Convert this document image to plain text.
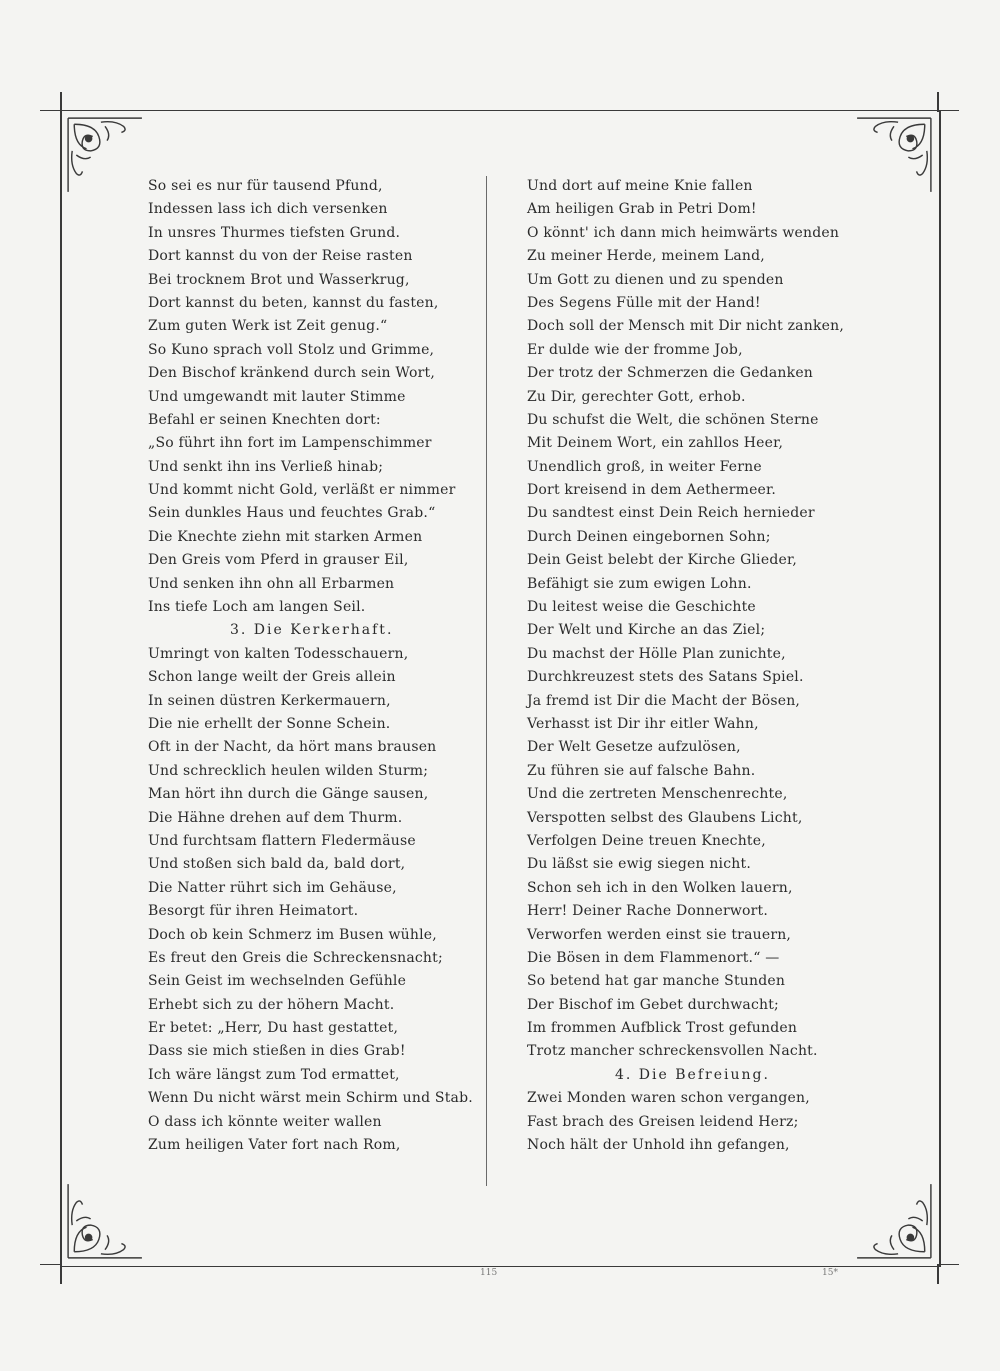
So sei es nur für tausend Pfund,
Indessen lass ich dich versenken
In unsres Thurmes tiefsten Grund.
Dort kannst du von der Reise rasten
Bei trocknem Brot und Wasserkrug,
Dort kannst du beten, kannst du fasten,
Zum guten Werk ist Zeit genug.“
So Kuno sprach voll Stolz und Grimme,
Den Bischof kränkend durch sein Wort,
Und umgewandt mit lauter Stimme
Befahl er seinen Knechten dort:
„So führt ihn fort im Lampenschimmer
Und senkt ihn ins Verließ hinab;
Und kommt nicht Gold, verläßt er nimmer
Sein dunkles Haus und feuchtes Grab.“
Die Knechte ziehn mit starken Armen
Den Greis vom Pferd in grauser Eil,
Und senken ihn ohn all Erbarmen
Ins tiefe Loch am langen Seil.
3. Die Kerkerhaft.
Umringt von kalten Todesschauern,
Schon lange weilt der Greis allein
In seinen düstren Kerkermauern,
Die nie erhellt der Sonne Schein.
Oft in der Nacht, da hört mans brausen
Und schrecklich heulen wilden Sturm;
Man hört ihn durch die Gänge sausen,
Die Hähne drehen auf dem Thurm.
Und furchtsam flattern Fledermäuse
Und stoßen sich bald da, bald dort,
Die Natter rührt sich im Gehäuse,
Besorgt für ihren Heimatort.
Doch ob kein Schmerz im Busen wühle,
Es freut den Greis die Schreckensnacht;
Sein Geist im wechselnden Gefühle
Erhebt sich zu der höhern Macht.
Er betet: „Herr, Du hast gestattet,
Dass sie mich stießen in dies Grab!
Ich wäre längst zum Tod ermattet,
Wenn Du nicht wärst mein Schirm und Stab.
O dass ich könnte weiter wallen
Zum heiligen Vater fort nach Rom,
Und dort auf meine Knie fallen
Am heiligen Grab in Petri Dom!
O könnt' ich dann mich heimwärts wenden
Zu meiner Herde, meinem Land,
Um Gott zu dienen und zu spenden
Des Segens Fülle mit der Hand!
Doch soll der Mensch mit Dir nicht zanken,
Er dulde wie der fromme Job,
Der trotz der Schmerzen die Gedanken
Zu Dir, gerechter Gott, erhob.
Du schufst die Welt, die schönen Sterne
Mit Deinem Wort, ein zahllos Heer,
Unendlich groß, in weiter Ferne
Dort kreisend in dem Aethermeer.
Du sandtest einst Dein Reich hernieder
Durch Deinen eingebornen Sohn;
Dein Geist belebt der Kirche Glieder,
Befähigt sie zum ewigen Lohn.
Du leitest weise die Geschichte
Der Welt und Kirche an das Ziel;
Du machst der Hölle Plan zunichte,
Durchkreuzest stets des Satans Spiel.
Ja fremd ist Dir die Macht der Bösen,
Verhasst ist Dir ihr eitler Wahn,
Der Welt Gesetze aufzulösen,
Zu führen sie auf falsche Bahn.
Und die zertreten Menschenrechte,
Verspotten selbst des Glaubens Licht,
Verfolgen Deine treuen Knechte,
Du läßst sie ewig siegen nicht.
Schon seh ich in den Wolken lauern,
Herr! Deiner Rache Donnerwort.
Verworfen werden einst sie trauern,
Die Bösen in dem Flammenort.“ —
So betend hat gar manche Stunden
Der Bischof im Gebet durchwacht;
Im frommen Aufblick Trost gefunden
Trotz mancher schreckensvollen Nacht.
4. Die Befreiung.
Zwei Monden waren schon vergangen,
Fast brach des Greisen leidend Herz;
Noch hält der Unhold ihn gefangen,
115	15*
